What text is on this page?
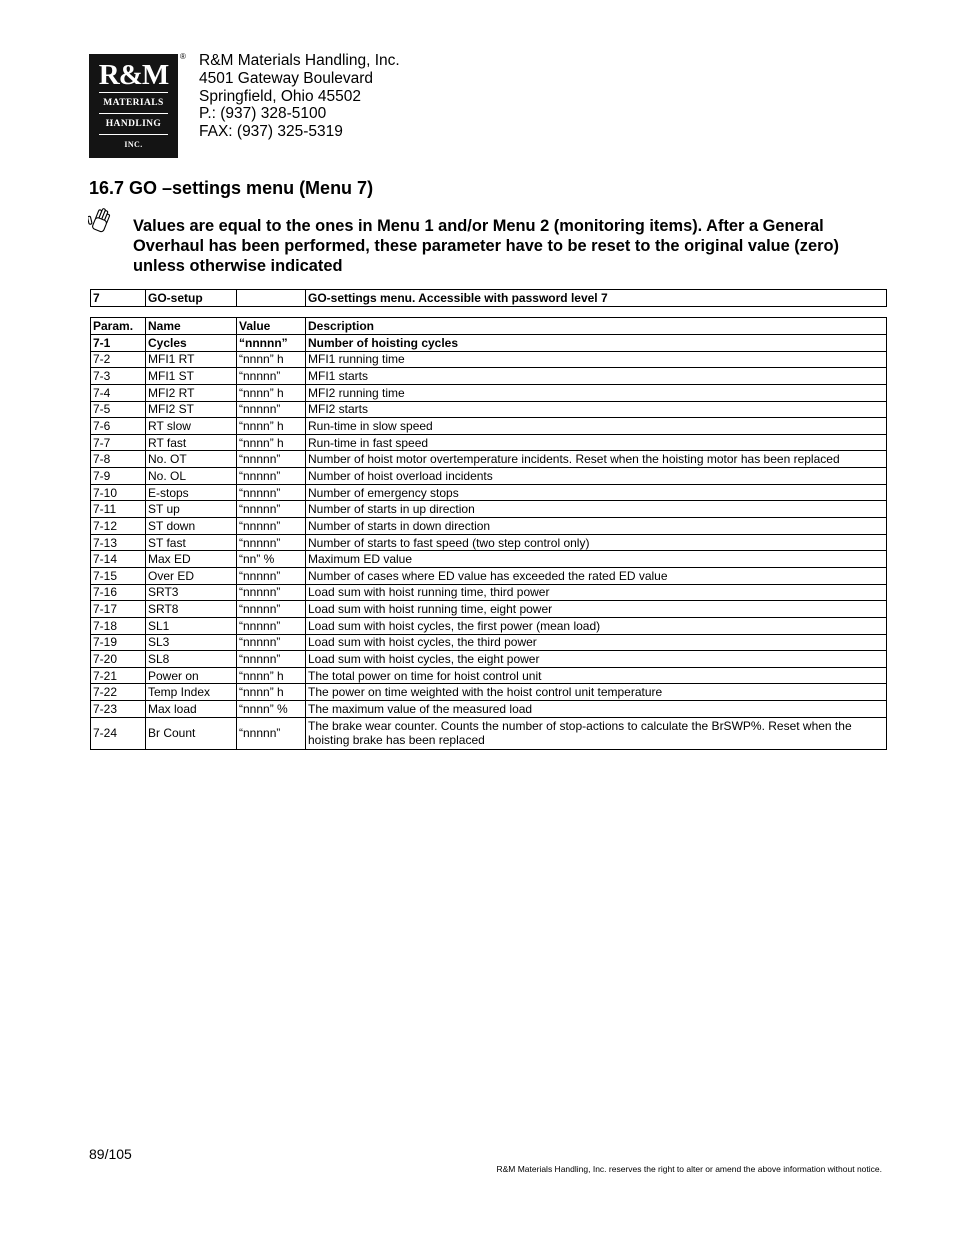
R&M
MATERIALS
HANDLING
INC.
® R&M Materials Handling, Inc.
4501 Gateway Boulevard
Springfield, Ohio 45502
P.: (937) 328-5100
FAX: (937) 325-5319
16.7 GO –settings menu (Menu 7)
Values are equal to the ones in Menu 1 and/or Menu 2 (monitoring items). After a General
Overhaul has been performed, these parameter have to be reset to the original value (zero)
unless otherwise indicated
7	GO-setup		GO-settings menu. Accessible with password level 7
Param.	Name	Value	Description
7-1	Cycles	“nnnnn”	Number of hoisting cycles
7-2	MFI1 RT	“nnnn” h	MFI1 running time
7-3	MFI1 ST	“nnnnn”	MFI1 starts
7-4	MFI2 RT	“nnnn” h	MFI2 running time
7-5	MFI2 ST	“nnnnn”	MFI2 starts
7-6	RT slow	“nnnn” h	Run-time in slow speed
7-7	RT fast	“nnnn” h	Run-time in fast speed
7-8	No. OT	“nnnnn”	Number of hoist motor overtemperature incidents. Reset when the hoisting motor has been replaced
7-9	No. OL	“nnnnn”	Number of hoist overload incidents
7-10	E-stops	“nnnnn”	Number of emergency stops
7-11	ST up	“nnnnn”	Number of starts in up direction
7-12	ST down	“nnnnn”	Number of starts in down direction
7-13	ST fast	“nnnnn”	Number of starts to fast speed (two step control only)
7-14	Max ED	“nn” %	Maximum ED value
7-15	Over ED	“nnnnn”	Number of cases where ED value has exceeded the rated ED value
7-16	SRT3	“nnnnn”	Load sum with hoist running time, third power
7-17	SRT8	“nnnnn”	Load sum with hoist running time, eight power
7-18	SL1	“nnnnn”	Load sum with hoist cycles, the first power (mean load)
7-19	SL3	“nnnnn”	Load sum with hoist cycles, the third power
7-20	SL8	“nnnnn”	Load sum with hoist cycles, the eight power
7-21	Power on	“nnnn” h	The total power on time for hoist control unit
7-22	Temp Index	“nnnn” h	The power on time weighted with the hoist control unit temperature
7-23	Max load	“nnnn” %	The maximum value of the measured load
7-24	Br Count	“nnnnn”	The brake wear counter. Counts the number of stop-actions to calculate the BrSWP%. Reset when the hoisting brake has been replaced
89/105
R&M Materials Handling, Inc. reserves the right to alter or amend the above information without notice.
